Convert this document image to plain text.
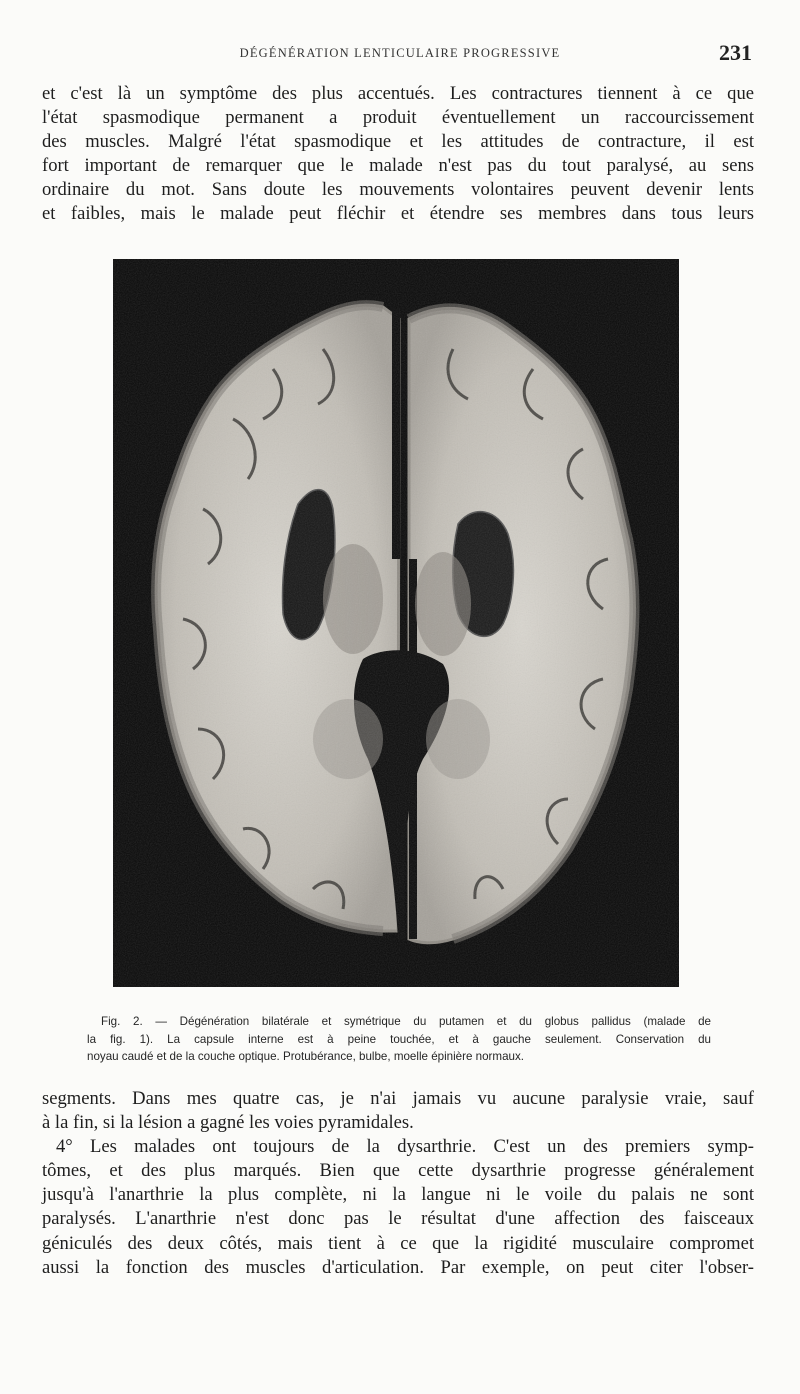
DÉGÉNÉRATION LENTICULAIRE PROGRESSIVE	231
et c'est là un symptôme des plus accentués. Les contractures tiennent à ce que
l'état spasmodique permanent a produit éventuellement un raccourcissement
des muscles. Malgré l'état spasmodique et les attitudes de contracture, il est
fort important de remarquer que le malade n'est pas du tout paralysé, au sens
ordinaire du mot. Sans doute les mouvements volontaires peuvent devenir lents
et faibles, mais le malade peut fléchir et étendre ses membres dans tous leurs
Fig. 2. — Dégénération bilatérale et symétrique du putamen et du globus pallidus (malade de
la fig. 1). La capsule interne est à peine touchée, et à gauche seulement. Conservation du
noyau caudé et de la couche optique. Protubérance, bulbe, moelle épinière normaux.
segments. Dans mes quatre cas, je n'ai jamais vu aucune paralysie vraie, sauf
à la fin, si la lésion a gagné les voies pyramidales.
4° Les malades ont toujours de la dysarthrie. C'est un des premiers symp-
tômes, et des plus marqués. Bien que cette dysarthrie progresse généralement
jusqu'à l'anarthrie la plus complète, ni la langue ni le voile du palais ne sont
paralysés. L'anarthrie n'est donc pas le résultat d'une affection des faisceaux
géniculés des deux côtés, mais tient à ce que la rigidité musculaire compromet
aussi la fonction des muscles d'articulation. Par exemple, on peut citer l'obser-
